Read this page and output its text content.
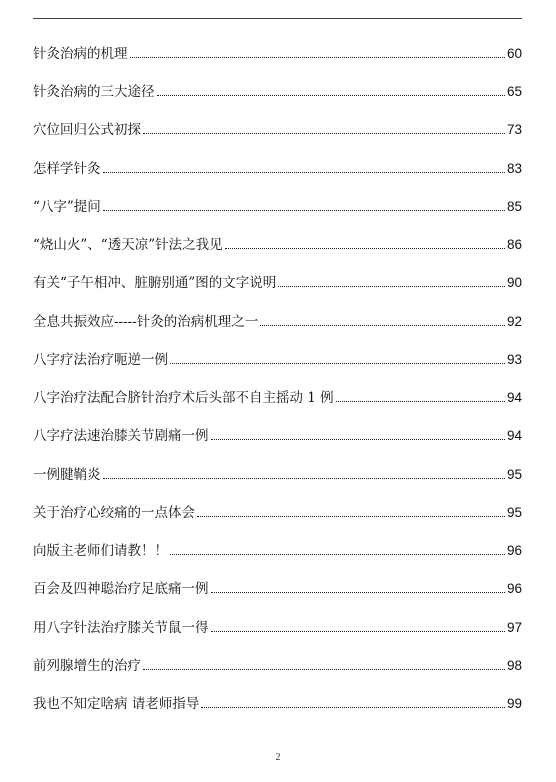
针灸治病的机理	60
针灸治病的三大途径	65
穴位回归公式初探	73
怎样学针灸	83
“八字”提问	85
“烧山火”、“透天凉”针法之我见	86
有关“子午相冲、脏腑别通”图的文字说明	90
全息共振效应-----针灸的治病机理之一	92
八字疗法治疗呃逆一例	93
八字治疗法配合脐针治疗术后头部不自主摇动 1 例	94
八字疗法速治膝关节剧痛一例	94
一例腱鞘炎	95
关于治疗心绞痛的一点体会	95
向版主老师们请教！！	96
百会及四神聪治疗足底痛一例	96
用八字针法治疗膝关节鼠一得	97
前列腺增生的治疗	98
我也不知定啥病 请老师指导	99
2
